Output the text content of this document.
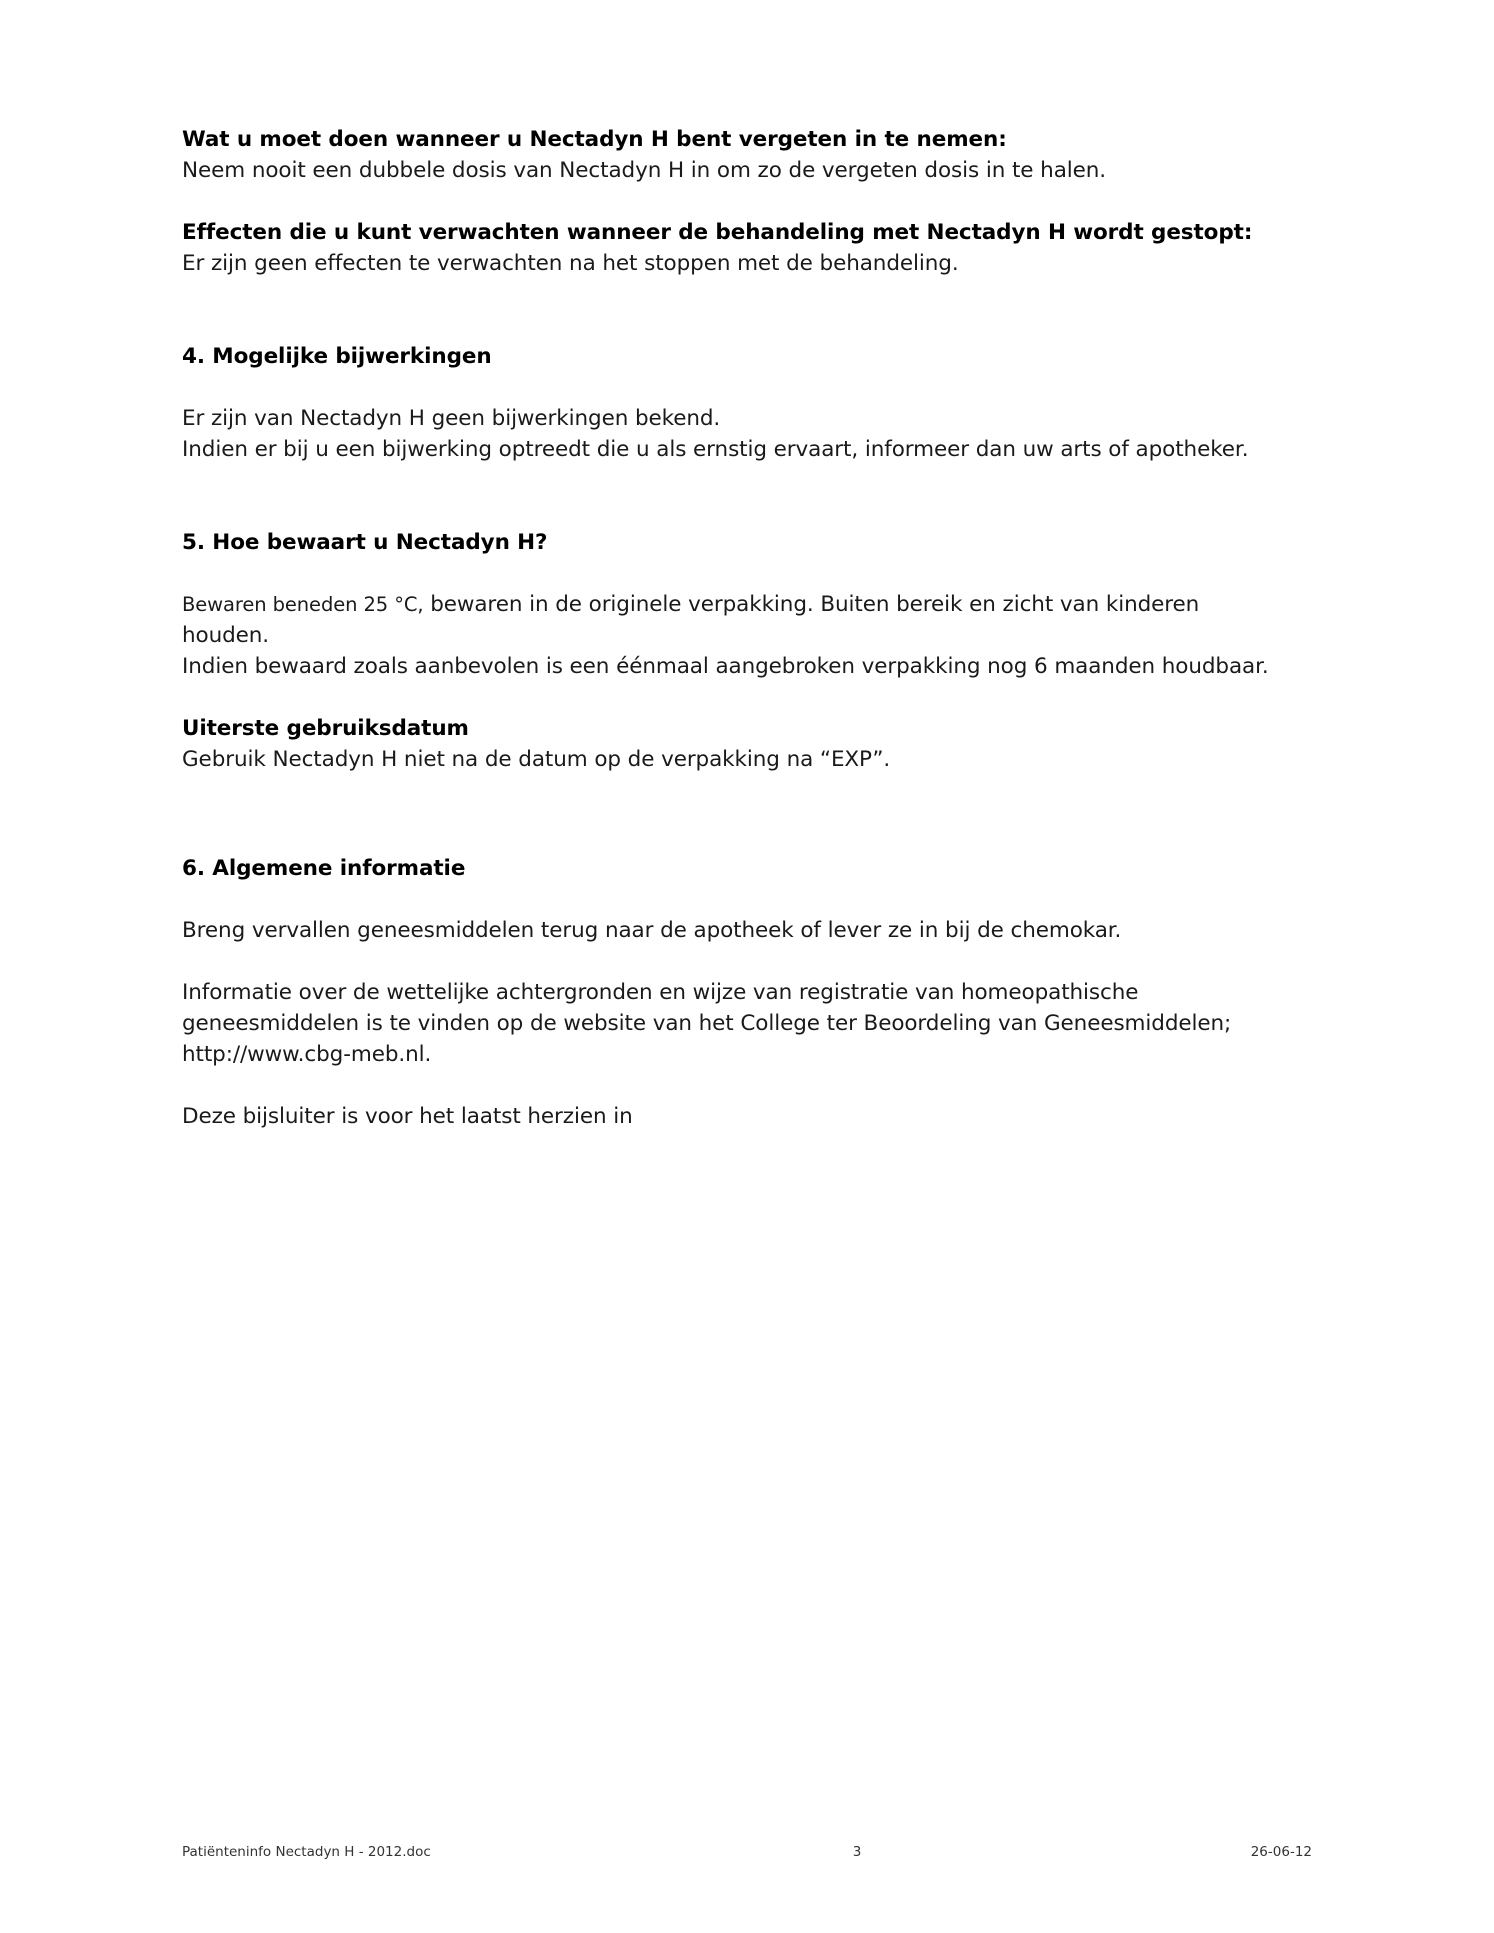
Wat u moet doen wanneer u Nectadyn H bent vergeten in te nemen:

Neem nooit een dubbele dosis van Nectadyn H in om zo de vergeten dosis in te halen.

Effecten die u kunt verwachten wanneer de behandeling met Nectadyn H wordt gestopt:

Er zijn geen effecten te verwachten na het stoppen met de behandeling.

4. Mogelijke bijwerkingen

Er zijn van Nectadyn H geen bijwerkingen bekend.

Indien er bij u een bijwerking optreedt die u als ernstig ervaart, informeer dan uw arts of apotheker.

5. Hoe bewaart u Nectadyn H?

Bewaren beneden 25 °C, bewaren in de originele verpakking. Buiten bereik en zicht van kinderen houden.

Indien bewaard zoals aanbevolen is een éénmaal aangebroken verpakking nog 6 maanden houdbaar.

Uiterste gebruiksdatum

Gebruik Nectadyn H niet na de datum op de verpakking na “EXP”.

6. Algemene informatie

Breng vervallen geneesmiddelen terug naar de apotheek of lever ze in bij de chemokar.

Informatie over de wettelijke achtergronden en wijze van registratie van homeopathische

geneesmiddelen is te vinden op de website van het College ter Beoordeling van Geneesmiddelen;

http://www.cbg-meb.nl.

Deze bijsluiter is voor het laatst herzien in

Patiënteninfo Nectadyn H - 2012.doc	3	26-06-12
